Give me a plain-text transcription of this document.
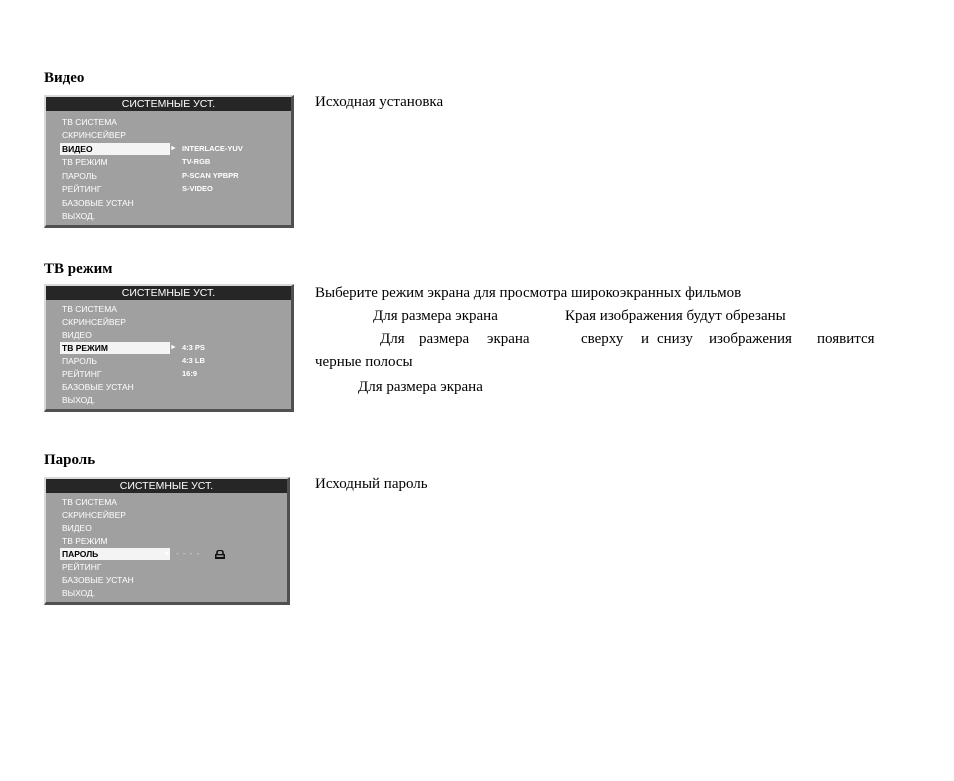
Видео
СИСТЕМНЫЕ УСТ.
ТВ СИСТЕМА
СКРИНСЕЙВЕР
ВИДЕО
ТВ РЕЖИМ
ПАРОЛЬ
РЕЙТИНГ
БАЗОВЫЕ УСТАН
ВЫХОД.
► INTERLACE-YUV
TV-RGB
P-SCAN YPBPR
S-VIDEO
Исходная установка
ТВ режим
СИСТЕМНЫЕ УСТ.
ТВ СИСТЕМА
СКРИНСЕЙВЕР
ВИДЕО
ТВ РЕЖИМ
ПАРОЛЬ
РЕЙТИНГ
БАЗОВЫЕ УСТАН
ВЫХОД.
► 4:3 PS
4:3 LB
16:9
Выберите режим экрана для просмотра широкоэкранных фильмов
Для размера экрана	Края изображения будут обрезаны
Для размера экрана	сверху и снизу изображения появится
черные полосы
Для размера экрана
Пароль
СИСТЕМНЫЕ УСТ.
ТВ СИСТЕМА
СКРИНСЕЙВЕР
ВИДЕО
ТВ РЕЖИМ
ПАРОЛЬ
РЕЙТИНГ
БАЗОВЫЕ УСТАН
ВЫХОД.
► - - - -
Исходный пароль
